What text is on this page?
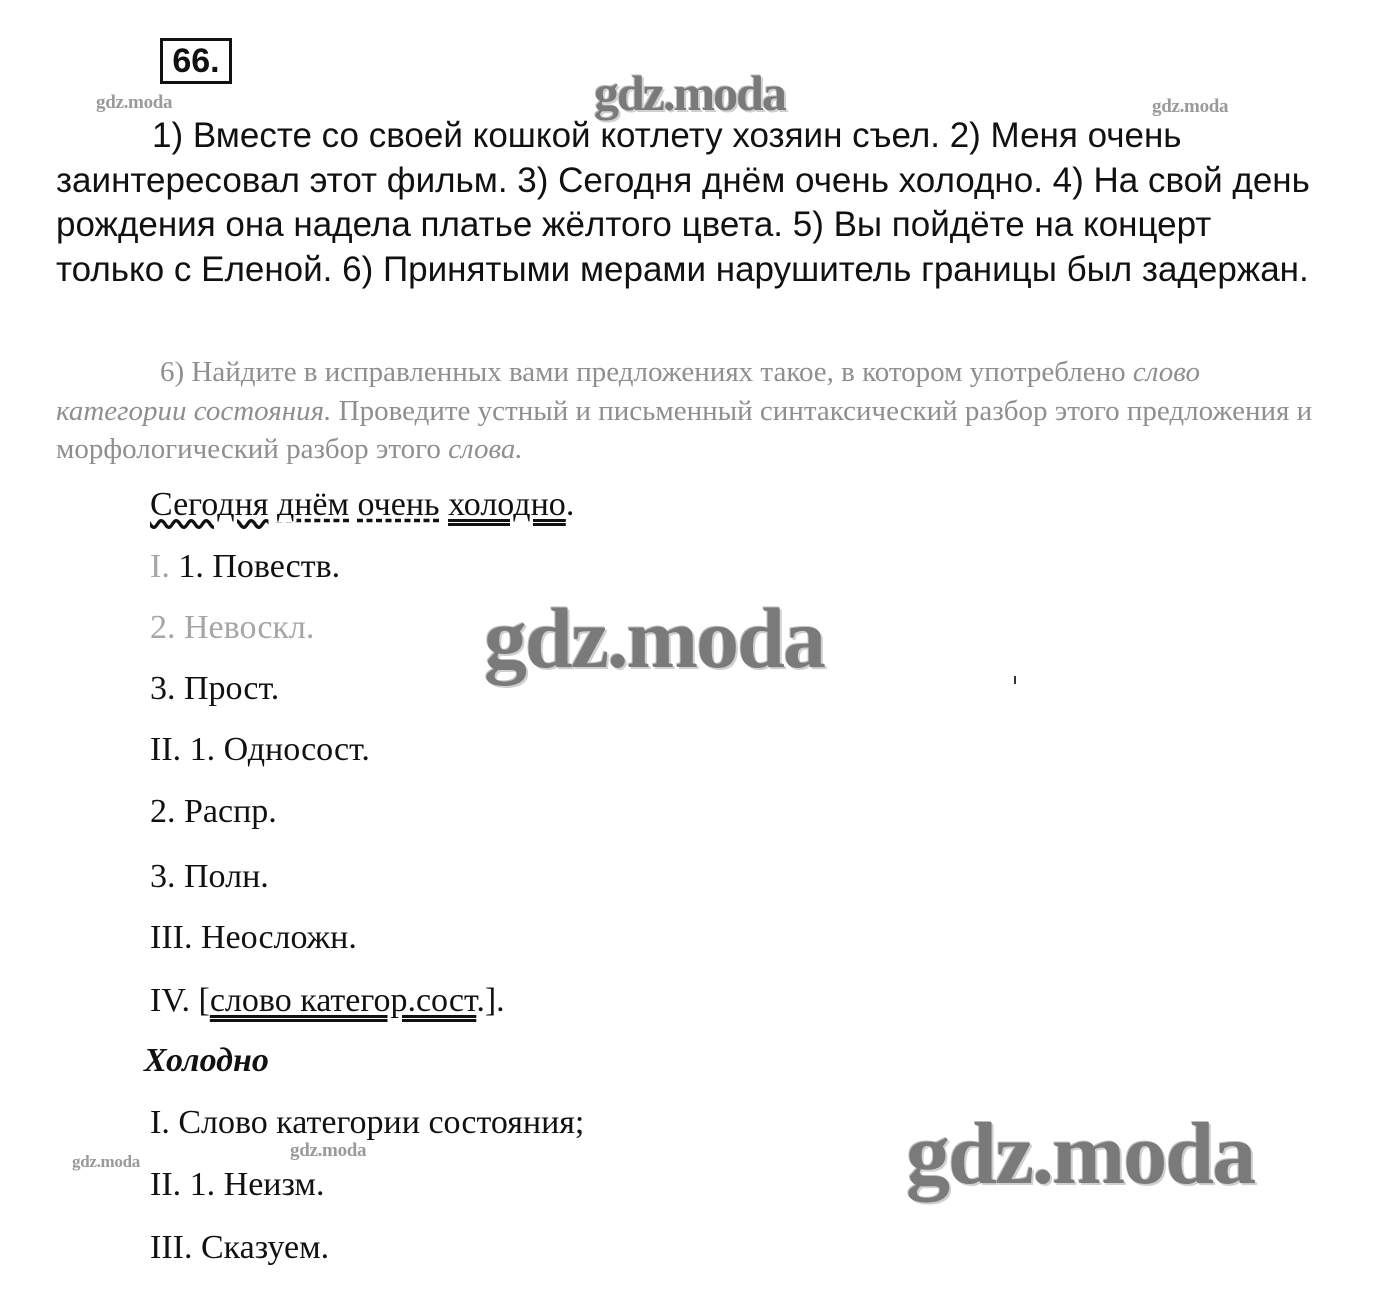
66.
gdz.moda	gdz.moda	gdz.moda

1) Вместе со своей кошкой котлету хозяин съел. 2) Меня очень заинтересовал этот фильм. 3) Сегодня днём очень холодно. 4) На свой день рождения она надела платье жёлтого цвета. 5) Вы пойдёте на концерт только с Еленой. 6) Принятыми мерами нарушитель границы был задержан.

6) Найдите в исправленных вами предложениях такое, в котором употреблено слово категории состояния. Проведите устный и письменный синтаксический разбор этого предложения и морфологический разбор этого слова.

Сегодня днём очень холодно.

I. 1. Повеств.

2. Невоскл. gdz.moda

3. Прост.

II. 1. Односост.

2. Распр.

3. Полн.

III. Неосложн.

IV. [слово категор.сост.].

Холодно

I. Слово категории состояния;

gdz.moda
gdz.moda	gdz.moda

II. 1. Неизм.

III. Сказуем.
